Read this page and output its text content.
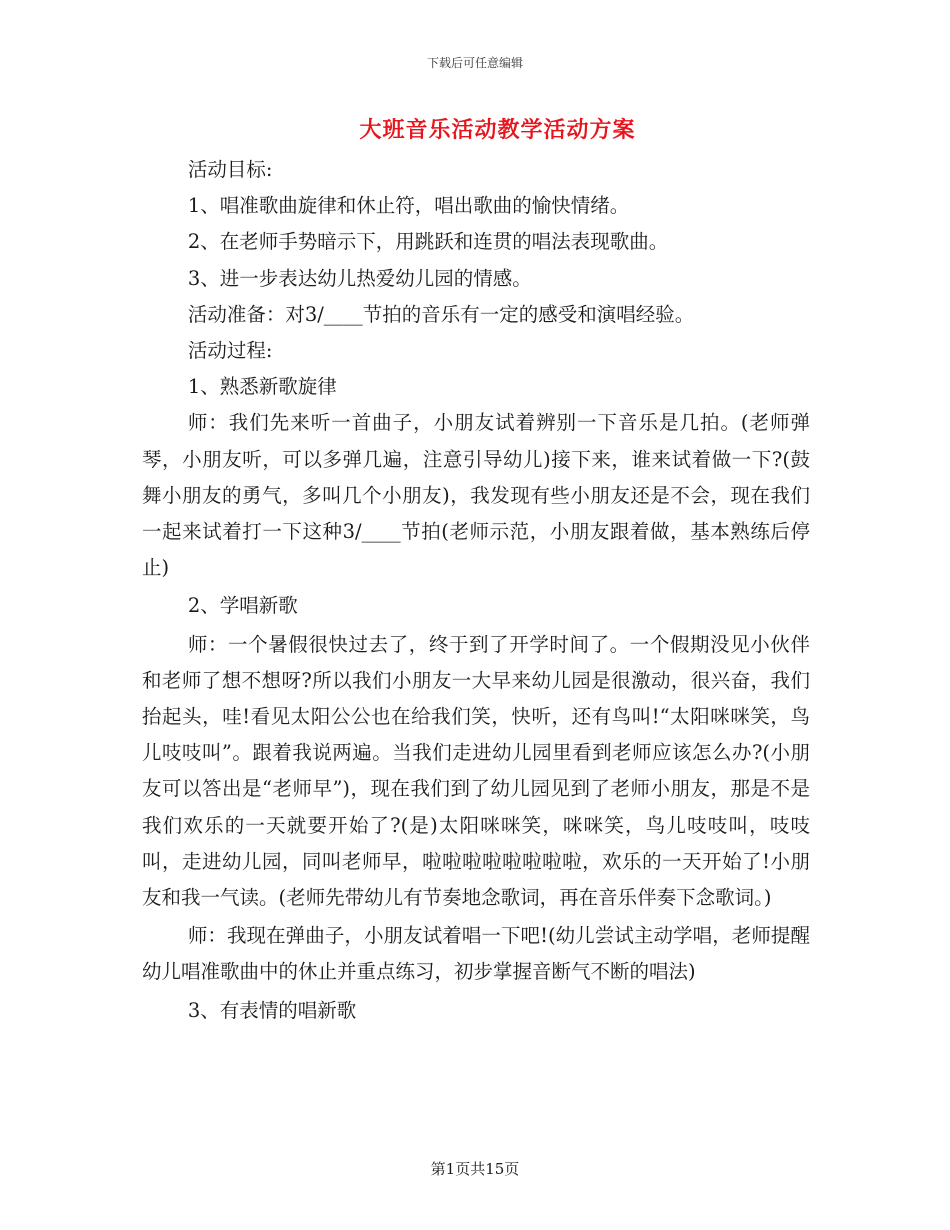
下载后可任意编辑
大班音乐活动教学活动方案

活动目标:

1、唱准歌曲旋律和休止符，唱出歌曲的愉快情绪。

2、在老师手势暗示下，用跳跃和连贯的唱法表现歌曲。

3、进一步表达幼儿热爱幼儿园的情感。

活动准备：对3/____节拍的音乐有一定的感受和演唱经验。

活动过程:

1、熟悉新歌旋律

师：我们先来听一首曲子，小朋友试着辨别一下音乐是几拍。(老师弹琴，小朋友听，可以多弹几遍，注意引导幼儿)接下来，谁来试着做一下?(鼓舞小朋友的勇气，多叫几个小朋友)，我发现有些小朋友还是不会，现在我们一起来试着打一下这种3/____节拍(老师示范，小朋友跟着做，基本熟练后停止)

2、学唱新歌

师：一个暑假很快过去了，终于到了开学时间了。一个假期没见小伙伴和老师了想不想呀?所以我们小朋友一大早来幼儿园是很激动，很兴奋，我们抬起头，哇!看见太阳公公也在给我们笑，快听，还有鸟叫!“太阳咪咪笑，鸟儿吱吱叫”。跟着我说两遍。当我们走进幼儿园里看到老师应该怎么办?(小朋友可以答出是“老师早”)，现在我们到了幼儿园见到了老师小朋友，那是不是我们欢乐的一天就要开始了?(是)太阳咪咪笑，咪咪笑，鸟儿吱吱叫，吱吱叫，走进幼儿园，同叫老师早，啦啦啦啦啦啦啦啦，欢乐的一天开始了!小朋友和我一气读。(老师先带幼儿有节奏地念歌词，再在音乐伴奏下念歌词。)

师：我现在弹曲子，小朋友试着唱一下吧!(幼儿尝试主动学唱，老师提醒幼儿唱准歌曲中的休止并重点练习，初步掌握音断气不断的唱法)

3、有表情的唱新歌

第1页共15页
